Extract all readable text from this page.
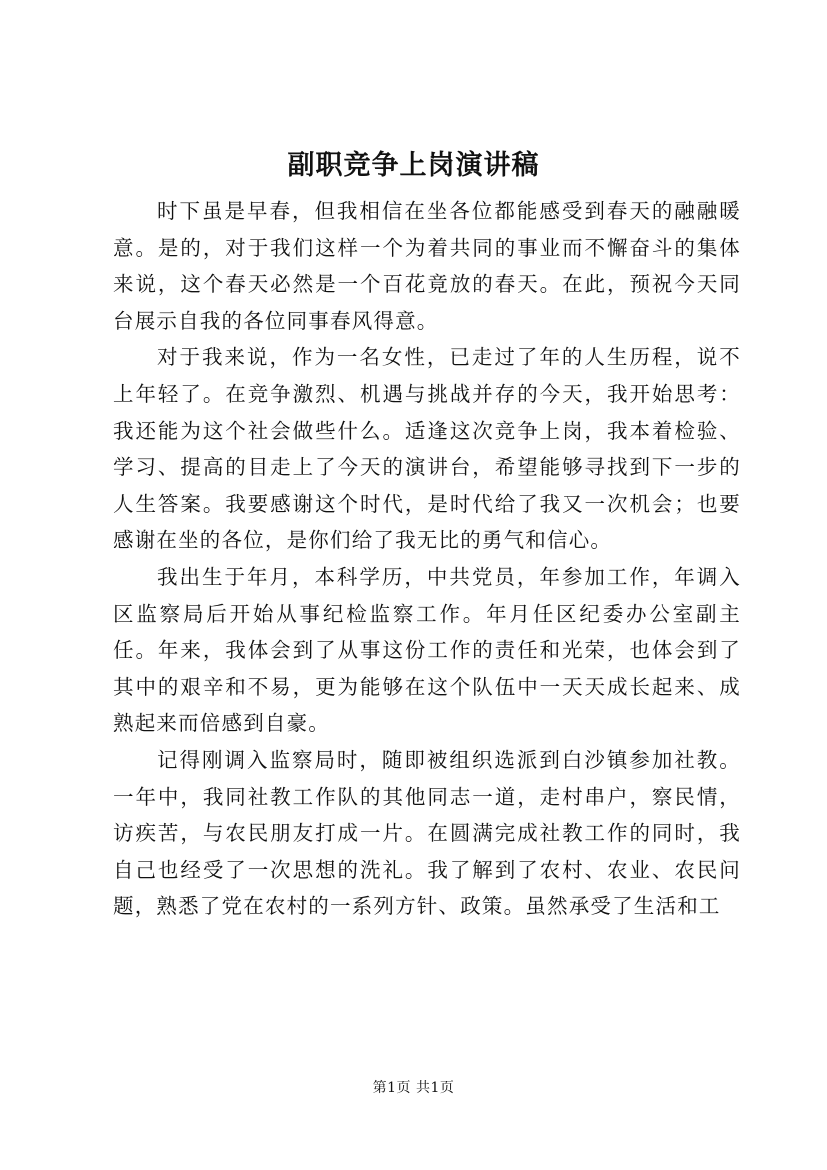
副职竞争上岗演讲稿

时下虽是早春，但我相信在坐各位都能感受到春天的融融暖意。是的，对于我们这样一个为着共同的事业而不懈奋斗的集体来说，这个春天必然是一个百花竟放的春天。在此，预祝今天同台展示自我的各位同事春风得意。

对于我来说，作为一名女性，已走过了年的人生历程，说不上年轻了。在竞争激烈、机遇与挑战并存的今天，我开始思考：我还能为这个社会做些什么。适逢这次竞争上岗，我本着检验、学习、提高的目走上了今天的演讲台，希望能够寻找到下一步的人生答案。我要感谢这个时代，是时代给了我又一次机会；也要感谢在坐的各位，是你们给了我无比的勇气和信心。

我出生于年月，本科学历，中共党员，年参加工作，年调入区监察局后开始从事纪检监察工作。年月任区纪委办公室副主任。年来，我体会到了从事这份工作的责任和光荣，也体会到了其中的艰辛和不易，更为能够在这个队伍中一天天成长起来、成熟起来而倍感到自豪。

记得刚调入监察局时，随即被组织选派到白沙镇参加社教。一年中，我同社教工作队的其他同志一道，走村串户，察民情，访疾苦，与农民朋友打成一片。在圆满完成社教工作的同时，我自己也经受了一次思想的洗礼。我了解到了农村、农业、农民问题，熟悉了党在农村的一系列方针、政策。虽然承受了生活和工

第1页 共1页
